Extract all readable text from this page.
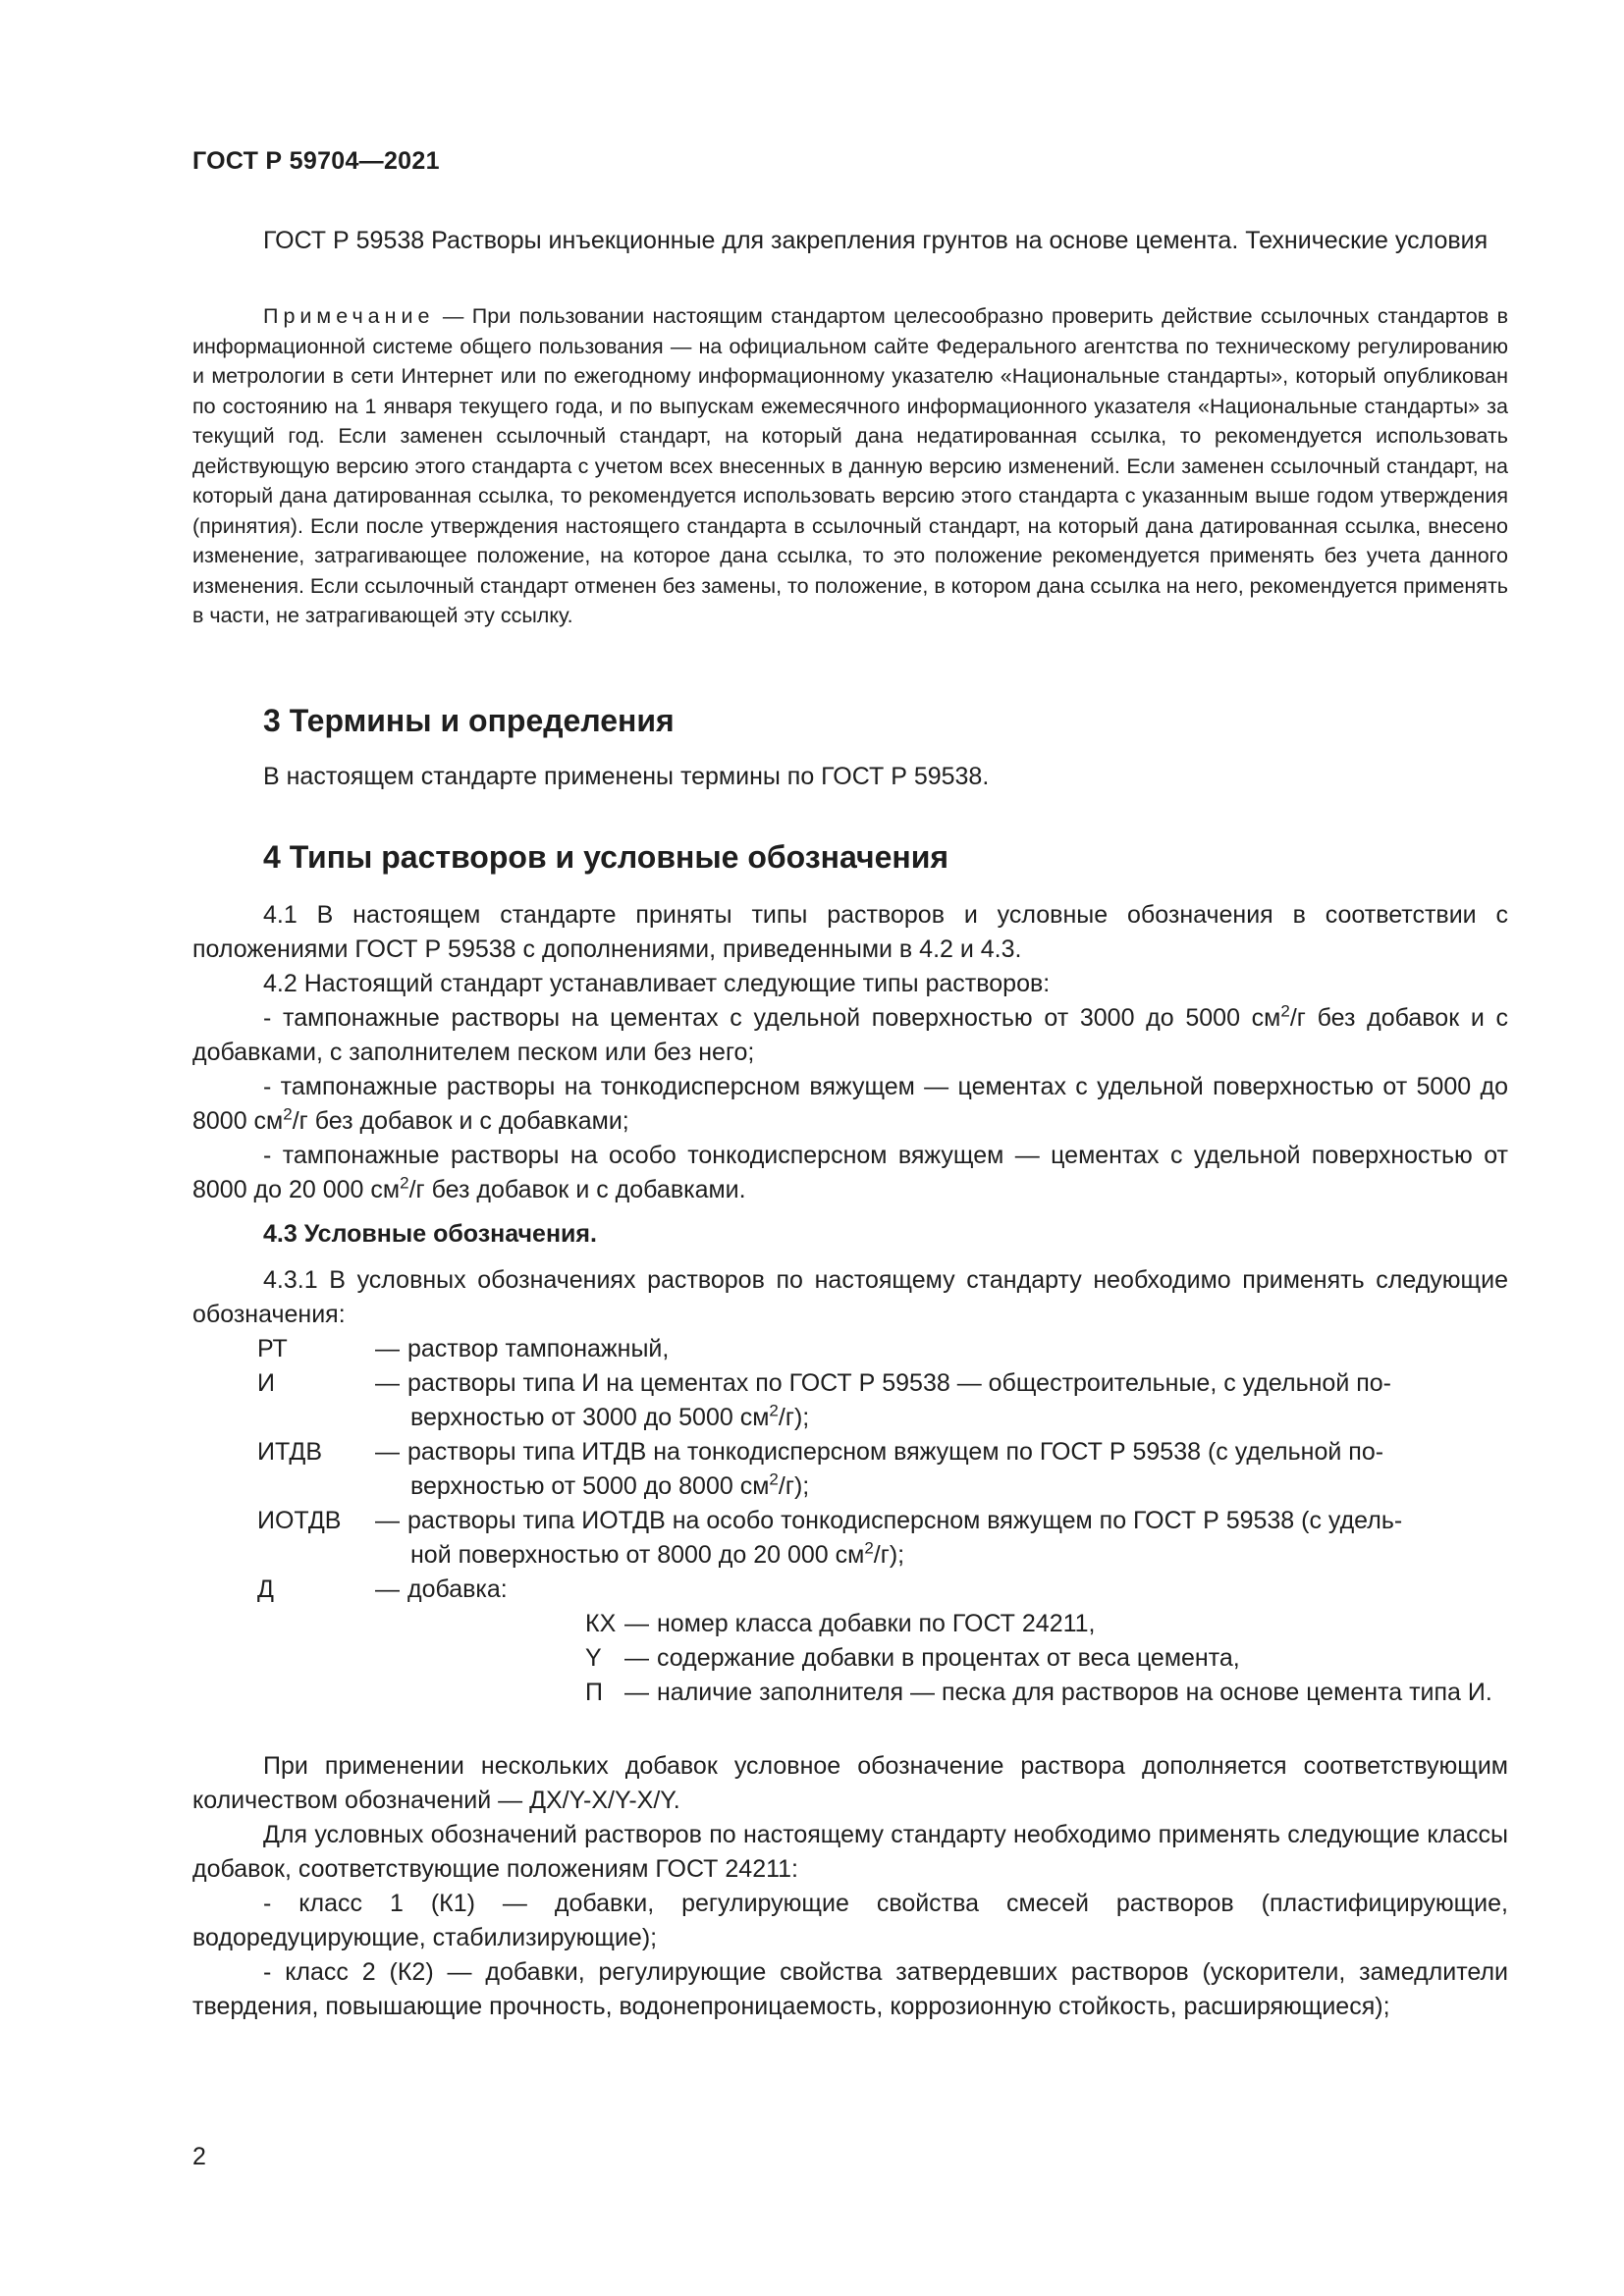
ГОСТ Р 59704—2021

ГОСТ Р 59538 Растворы инъекционные для закрепления грунтов на основе цемента. Технические условия

Примечание — При пользовании настоящим стандартом целесообразно проверить действие ссылочных стандартов в информационной системе общего пользования — на официальном сайте Федерального агентства по техническому регулированию и метрологии в сети Интернет или по ежегодному информационному указателю «Национальные стандарты», который опубликован по состоянию на 1 января текущего года, и по выпускам ежемесячного информационного указателя «Национальные стандарты» за текущий год. Если заменен ссылочный стандарт, на который дана недатированная ссылка, то рекомендуется использовать действующую версию этого стандарта с учетом всех внесенных в данную версию изменений. Если заменен ссылочный стандарт, на который дана датированная ссылка, то рекомендуется использовать версию этого стандарта с указанным выше годом утверждения (принятия). Если после утверждения настоящего стандарта в ссылочный стандарт, на который дана датированная ссылка, внесено изменение, затрагивающее положение, на которое дана ссылка, то это положение рекомендуется применять без учета данного изменения. Если ссылочный стандарт отменен без замены, то положение, в котором дана ссылка на него, рекомендуется применять в части, не затрагивающей эту ссылку.

3 Термины и определения

В настоящем стандарте применены термины по ГОСТ Р 59538.

4 Типы растворов и условные обозначения

4.1 В настоящем стандарте приняты типы растворов и условные обозначения в соответствии с положениями ГОСТ Р 59538 с дополнениями, приведенными в 4.2 и 4.3.

4.2 Настоящий стандарт устанавливает следующие типы растворов:

- тампонажные растворы на цементах с удельной поверхностью от 3000 до 5000 $см^2/г$ без добавок и с добавками, с заполнителем песком или без него;

- тампонажные растворы на тонкодисперсном вяжущем — цементах с удельной поверхностью от 5000 до 8000 $см^2/г$ без добавок и с добавками;

- тампонажные растворы на особо тонкодисперсном вяжущем — цементах с удельной поверхностью от 8000 до 20 000 $см^2/г$ без добавок и с добавками.

4.3 Условные обозначения.

4.3.1 В условных обозначениях растворов по настоящему стандарту необходимо применять следующие обозначения:

РТ	— раствор тампонажный,
И	— растворы типа И на цементах по ГОСТ Р 59538 — общестроительные, с удельной по-
верхностью от 3000 до 5000 $см^2/г$);
ИТДВ	— растворы типа ИТДВ на тонкодисперсном вяжущем по ГОСТ Р 59538 (с удельной по-
верхностью от 5000 до 8000 $см^2/г$);
ИОТДВ	— растворы типа ИОТДВ на особо тонкодисперсном вяжущем по ГОСТ Р 59538 (с удель-
ной поверхностью от 8000 до 20 000 $см^2/г$);
Д	— добавка:
КХ — номер класса добавки по ГОСТ 24211,
Y — содержание добавки в процентах от веса цемента,
П — наличие заполнителя — песка для растворов на основе цемента типа И.

При применении нескольких добавок условное обозначение раствора дополняется соответствующим количеством обозначений — ДХ/Y-Х/Y-Х/Y.

Для условных обозначений растворов по настоящему стандарту необходимо применять следующие классы добавок, соответствующие положениям ГОСТ 24211:

- класс 1 (К1) — добавки, регулирующие свойства смесей растворов (пластифицирующие, водоредуцирующие, стабилизирующие);

- класс 2 (К2) — добавки, регулирующие свойства затвердевших растворов (ускорители, замедлители твердения, повышающие прочность, водонепроницаемость, коррозионную стойкость, расширяющиеся);

2
